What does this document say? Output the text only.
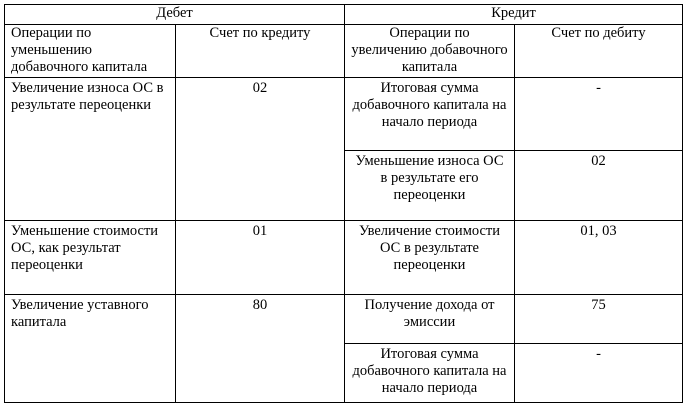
Дебет		Кредит	
Операции по уменьшению добавочного капитала	Счет по кредиту	Операции по увеличению добавочного капитала	Счет по дебиту

Увеличение износа ОС в результате переоценки	02	Итоговая сумма добавочного капитала на начало периода	-

		Уменьшение износа ОС в результате его переоценки	02

Уменьшение стоимости ОС, как результат переоценки	01	Увеличение стоимости ОС в результате переоценки	01, 03

Увеличение уставного капитала	80	Получение дохода от эмиссии	75

		Итоговая сумма добавочного капитала на начало периода	-
